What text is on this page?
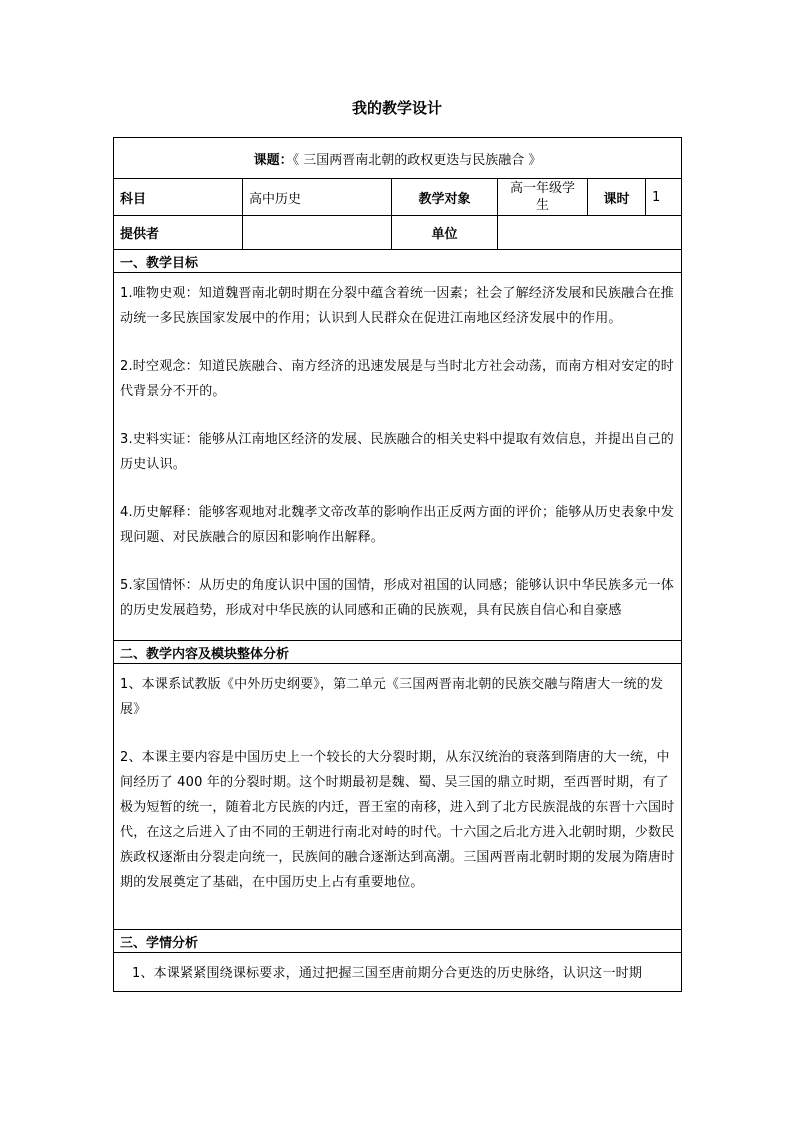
我的教学设计
课题：《 三国两晋南北朝的政权更迭与民族融合 》					
科目	高中历史	教学对象	高一年级学生	课时	1
提供者		单位			
一、教学目标					

1.唯物史观：知道魏晋南北朝时期在分裂中蕴含着统一因素；社会了解经济发展和民族融合在推动统一多民族国家发展中的作用；认识到人民群众在促进江南地区经济发展中的作用。

2.时空观念：知道民族融合、南方经济的迅速发展是与当时北方社会动荡，而南方相对安定的时代背景分不开的。

3.史料实证：能够从江南地区经济的发展、民族融合的相关史料中提取有效信息，并提出自己的历史认识。

4.历史解释：能够客观地对北魏孝文帝改革的影响作出正反两方面的评价；能够从历史表象中发现问题、对民族融合的原因和影响作出解释。

5.家国情怀：从历史的角度认识中国的国情，形成对祖国的认同感；能够认识中华民族多元一体的历史发展趋势，形成对中华民族的认同感和正确的民族观，具有民族自信心和自豪感					

二、教学内容及模块整体分析					

1、本课系试教版《中外历史纲要》，第二单元《三国两晋南北朝的民族交融与隋唐大一统的发展》

2、本课主要内容是中国历史上一个较长的大分裂时期，从东汉统治的衰落到隋唐的大一统，中间经历了 400 年的分裂时期。这个时期最初是魏、蜀、吴三国的鼎立时期，至西晋时期，有了极为短暂的统一，随着北方民族的内迁，晋王室的南移，进入到了北方民族混战的东晋十六国时代，在这之后进入了由不同的王朝进行南北对峙的时代。十六国之后北方进入北朝时期，少数民族政权逐渐由分裂走向统一，民族间的融合逐渐达到高潮。三国两晋南北朝时期的发展为隋唐时期的发展奠定了基础，在中国历史上占有重要地位。					

三、学情分析					

1、本课紧紧围绕课标要求，通过把握三国至唐前期分合更迭的历史脉络，认识这一时期					
